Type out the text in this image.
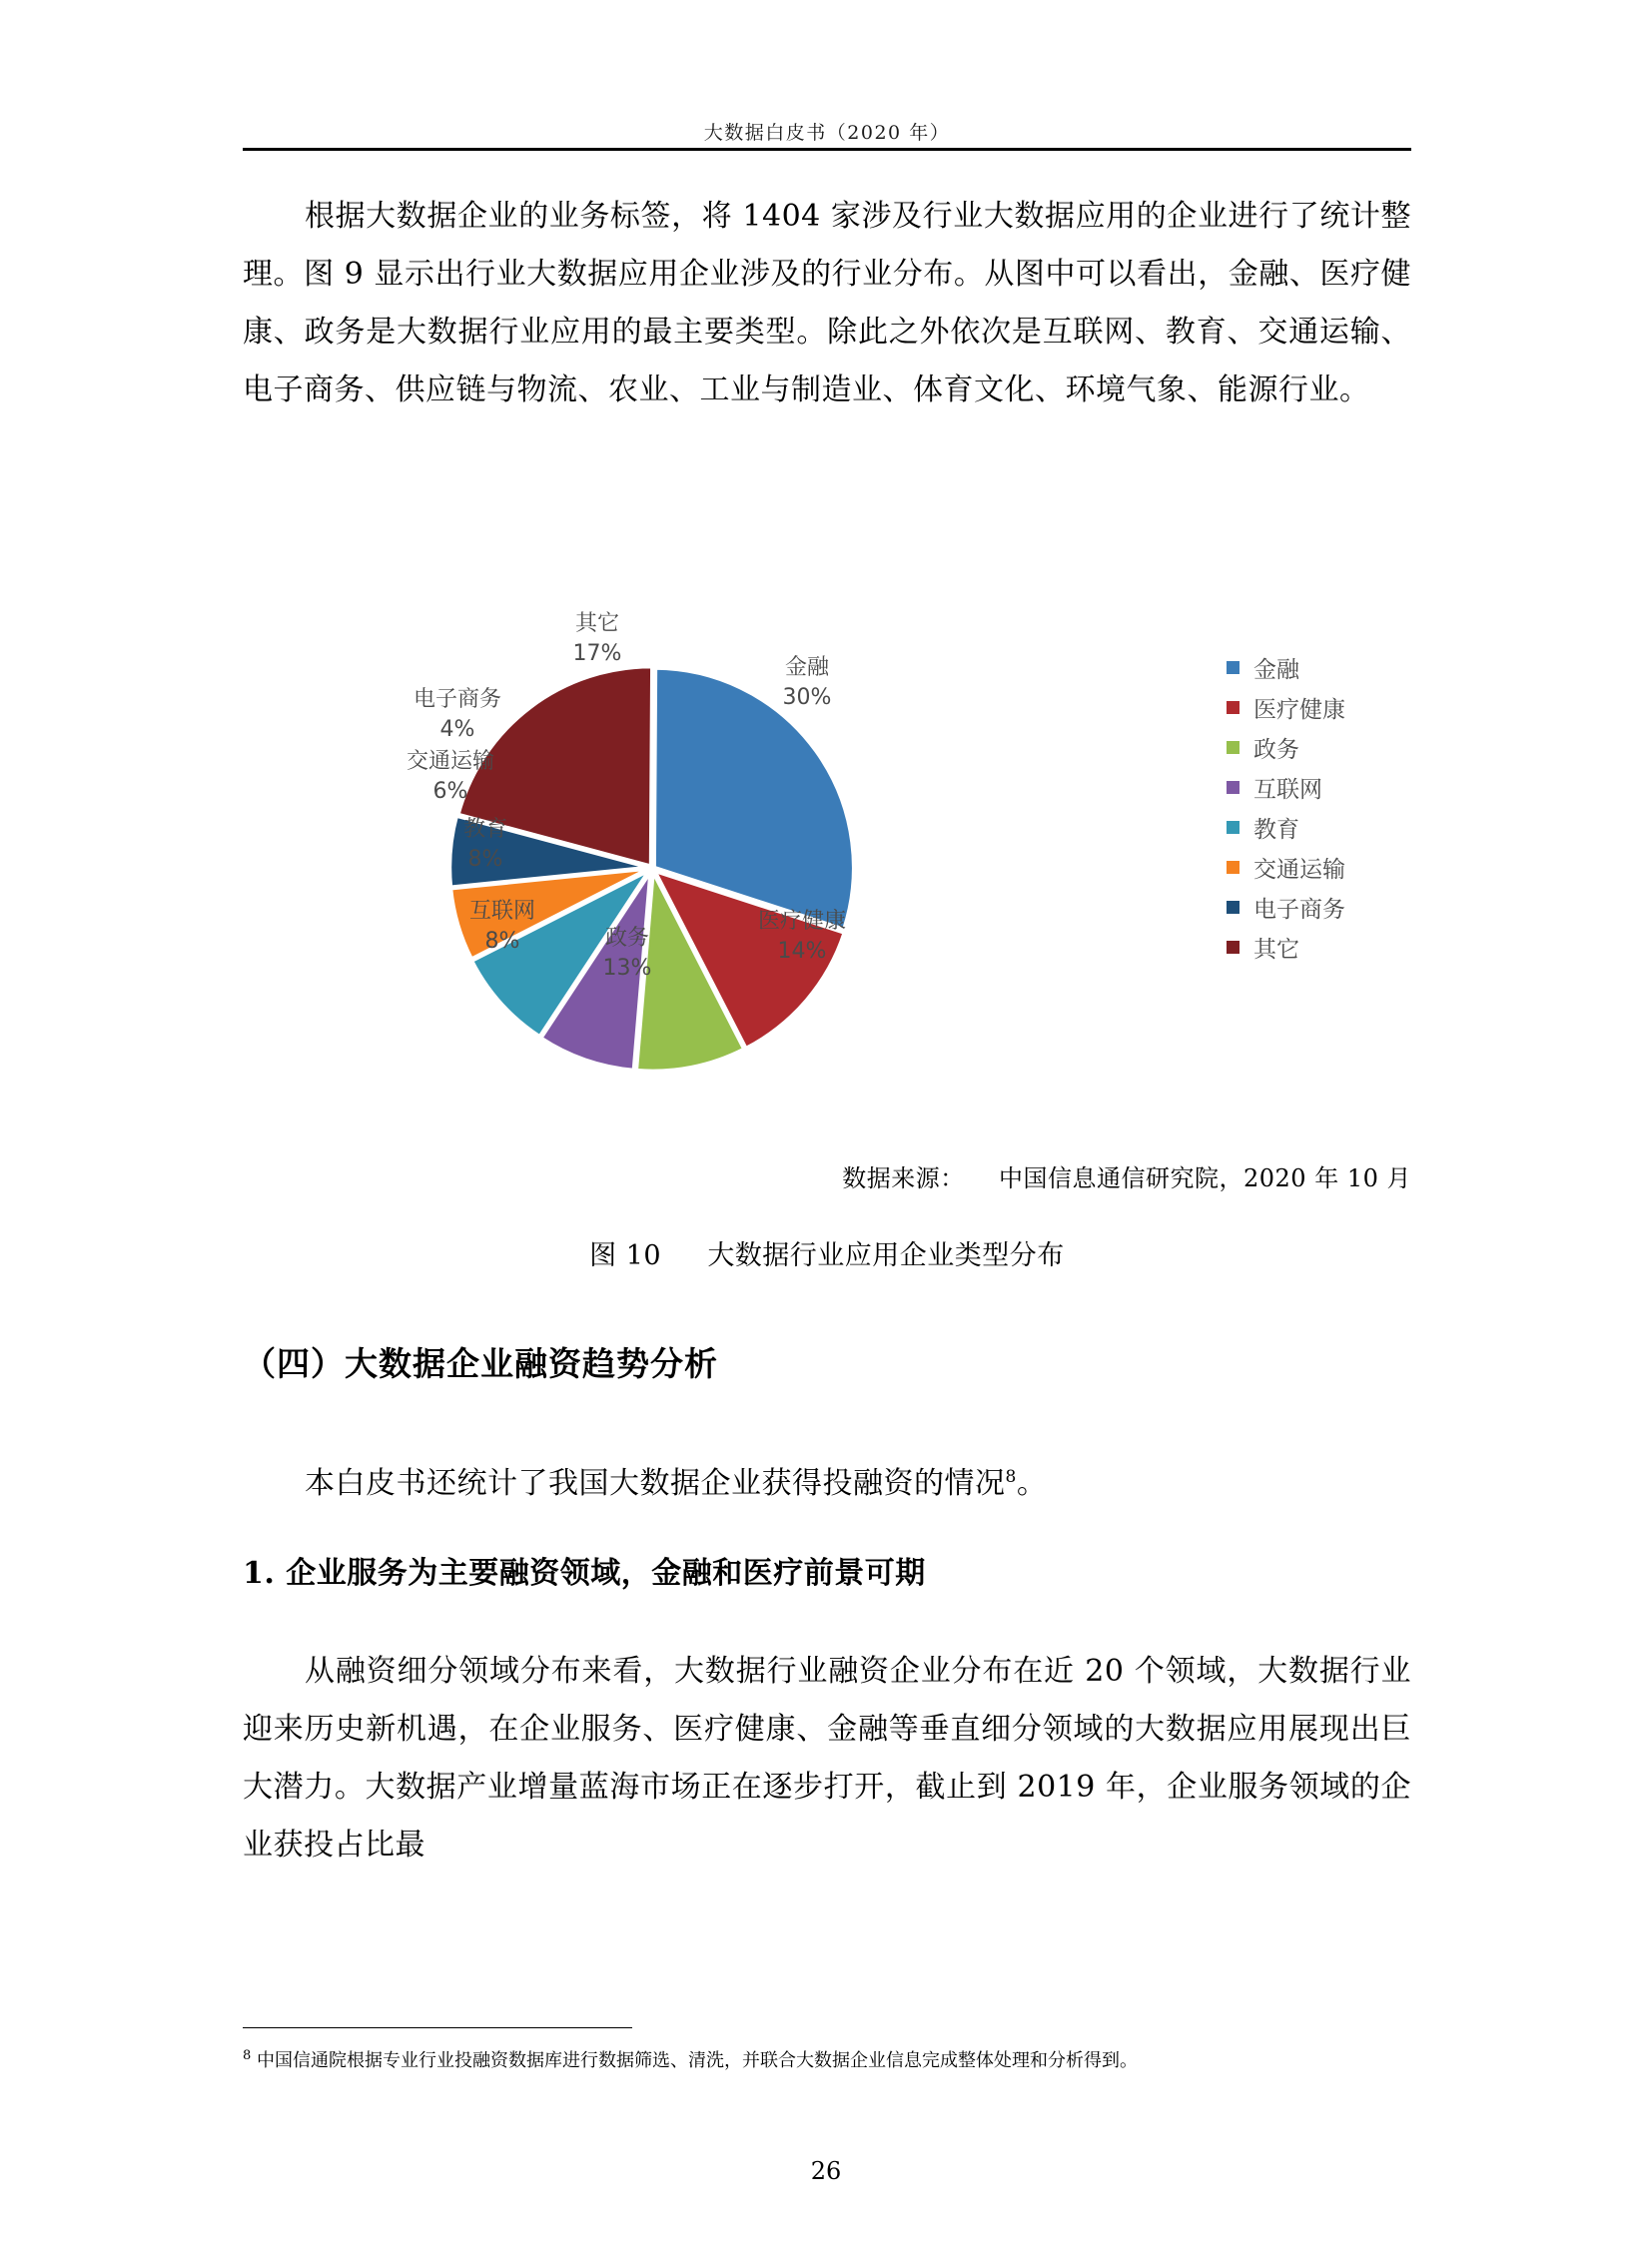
大数据白皮书（2020 年）
根据大数据企业的业务标签，将 1404 家涉及行业大数据应用的企业进行了统计整理。图 9 显示出行业大数据应用企业涉及的行业分布。从图中可以看出，金融、医疗健康、政务是大数据行业应用的最主要类型。除此之外依次是互联网、教育、交通运输、电子商务、供应链与物流、农业、工业与制造业、体育文化、环境气象、能源行业。
金融
30%
医疗健康
14%
政务
13%
互联网
8%
教育
8%
交通运输
6%
电子商务
4%
其它
17%
金融
医疗健康
政务
互联网
教育
交通运输
电子商务
其它
数据来源： 中国信息通信研究院，2020 年 10 月
图 10 大数据行业应用企业类型分布
（四）大数据企业融资趋势分析
本白皮书还统计了我国大数据企业获得投融资的情况$^8$。
1. 企业服务为主要融资领域，金融和医疗前景可期
从融资细分领域分布来看，大数据行业融资企业分布在近 20 个领域，大数据行业迎来历史新机遇，在企业服务、医疗健康、金融等垂直细分领域的大数据应用展现出巨大潜力。大数据产业增量蓝海市场正在逐步打开，截止到 2019 年，企业服务领域的企业获投占比最
$^8$ 中国信通院根据专业行业投融资数据库进行数据筛选、清洗，并联合大数据企业信息完成整体处理和分析得到。
26
